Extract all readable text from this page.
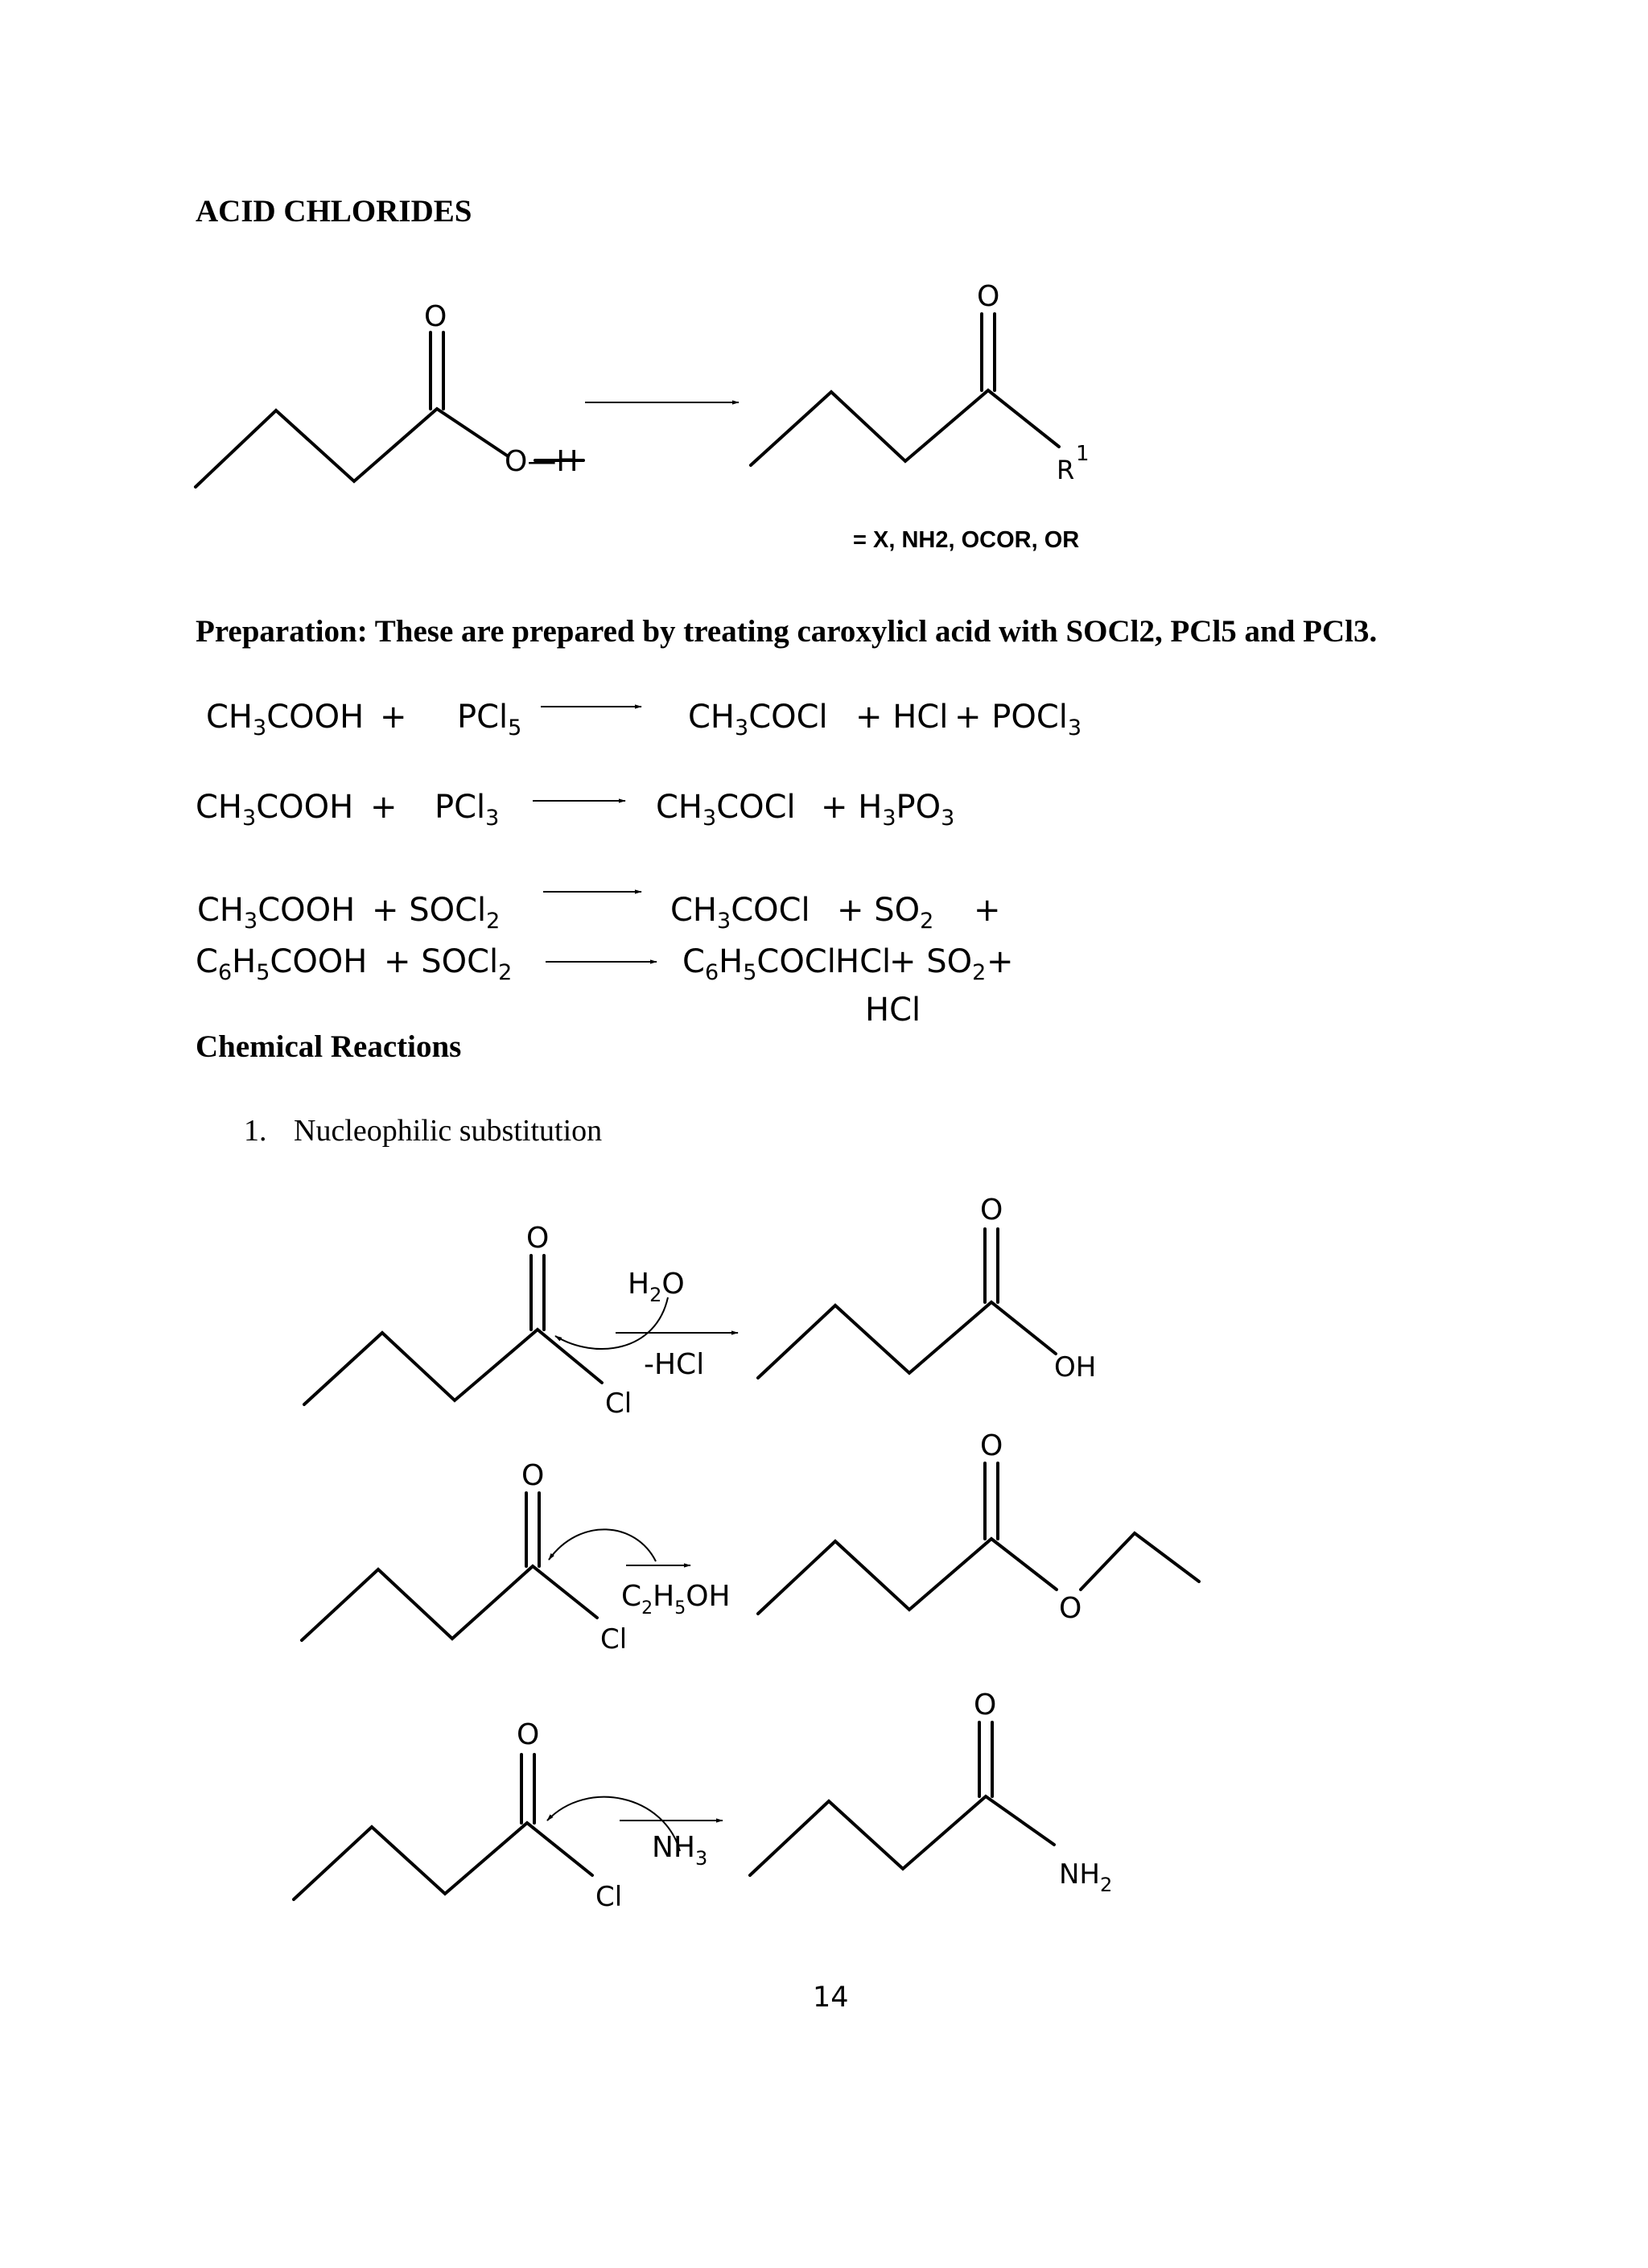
ACID CHLORIDES
= X, NH2, OCOR, OR
Preparation: These are prepared by treating caroxylicl acid with SOCl2, PCl5 and PCl3.
$CH_3COOH + PCl_5$	$CH_3COCl$ + HCl + POCl$_3$
$CH_3COOH + PCl_3$	$CH_3COCl + H_3PO_3$
$CH_3COOH$ + SOCl$_2$	$CH_3COCl + SO_2$ +
HCl
$C_6H_5COOH$ + SOCl$_2$	$C_6H_5COCl + SO_2$ +
HCl
Chemical Reactions
1. Nucleophilic substitution
14
O
O—H
O
R
1
O
Cl
$H_2O$
-HCl
O
OH
O
Cl
$C_2H_5OH$
O
O
O
Cl
$NH_3$
O
$NH_2$
